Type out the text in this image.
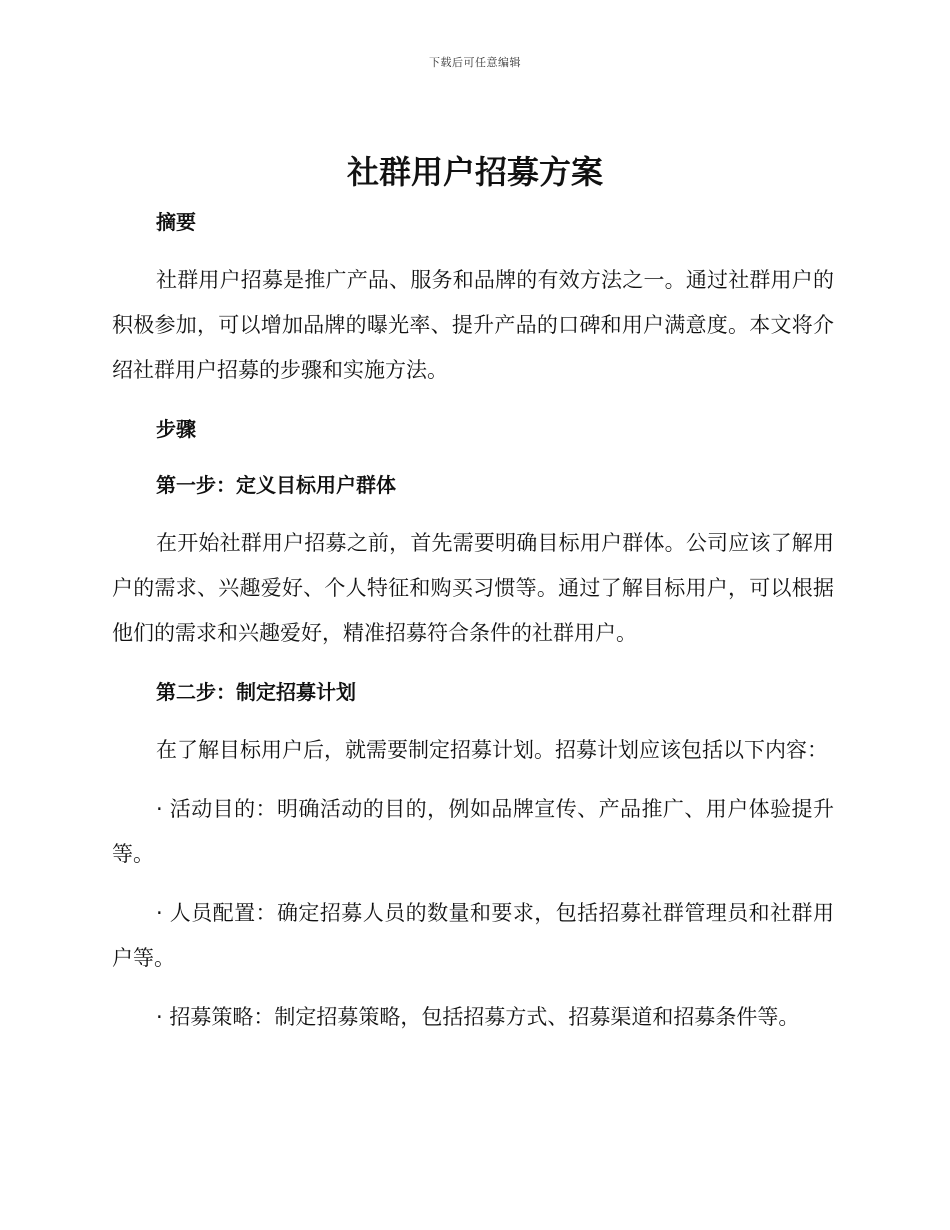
下载后可任意编辑
社群用户招募方案

摘要

社群用户招募是推广产品、服务和品牌的有效方法之一。通过社群用户的积极参加，可以增加品牌的曝光率、提升产品的口碑和用户满意度。本文将介绍社群用户招募的步骤和实施方法。

步骤

第一步：定义目标用户群体

在开始社群用户招募之前，首先需要明确目标用户群体。公司应该了解用户的需求、兴趣爱好、个人特征和购买习惯等。通过了解目标用户，可以根据他们的需求和兴趣爱好，精准招募符合条件的社群用户。

第二步：制定招募计划

在了解目标用户后，就需要制定招募计划。招募计划应该包括以下内容：

· 活动目的：明确活动的目的，例如品牌宣传、产品推广、用户体验提升等。

· 人员配置：确定招募人员的数量和要求，包括招募社群管理员和社群用户等。

· 招募策略：制定招募策略，包括招募方式、招募渠道和招募条件等。
